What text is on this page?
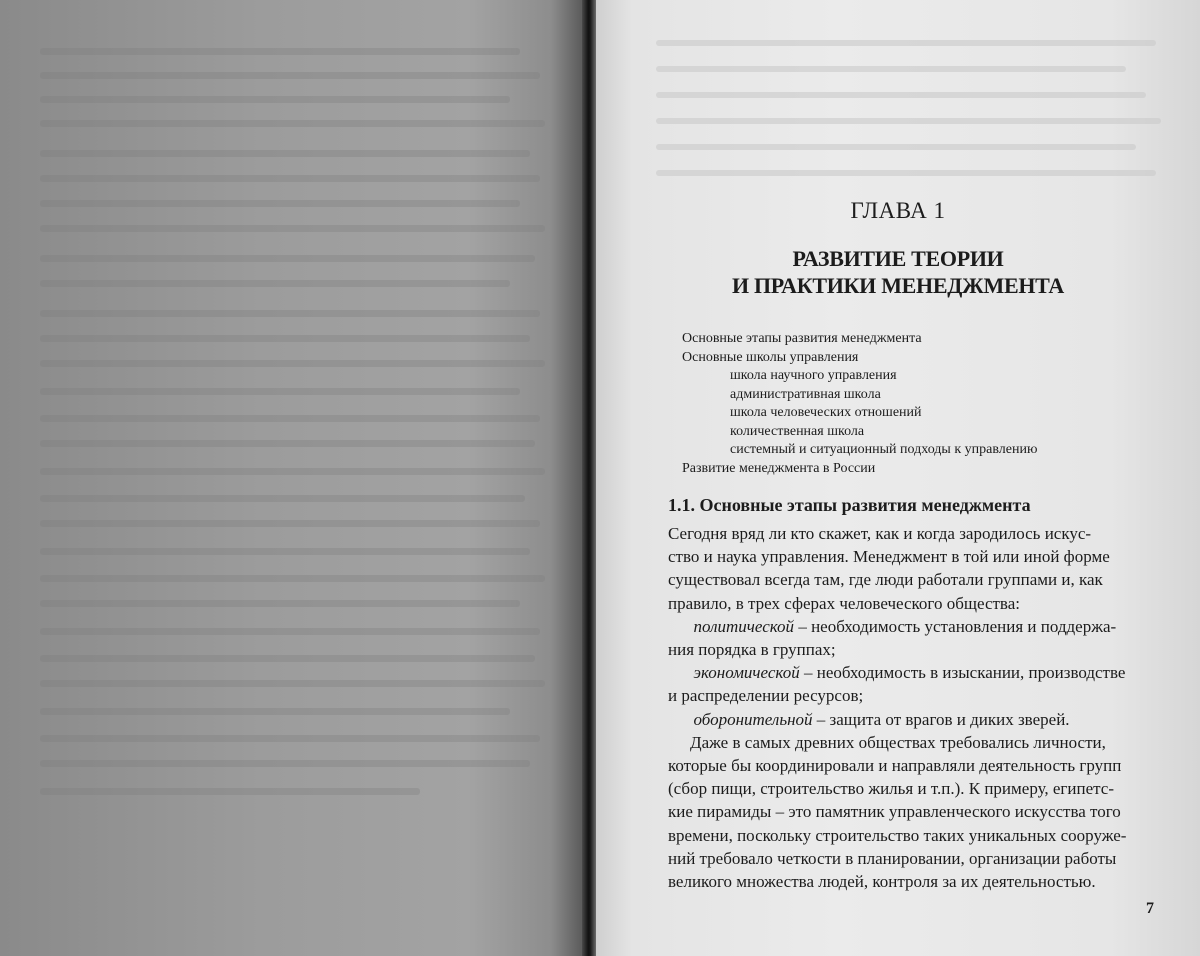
ГЛАВА 1
РАЗВИТИЕ ТЕОРИИ
И ПРАКТИКИ МЕНЕДЖМЕНТА
Основные этапы развития менеджмента
Основные школы управления
школа научного управления
административная школа
школа человеческих отношений
количественная школа
системный и ситуационный подходы к управлению
Развитие менеджмента в России
1.1. Основные этапы развития менеджмента
Сегодня вряд ли кто скажет, как и когда зародилось искус-
ство и наука управления. Менеджмент в той или иной форме
существовал всегда там, где люди работали группами и, как
правило, в трех сферах человеческого общества:
  политической – необходимость установления и поддержа-
ния порядка в группах;
  экономической – необходимость в изыскании, производстве
и распределении ресурсов;
  оборонительной – защита от врагов и диких зверей.
Даже в самых древних обществах требовались личности,
которые бы координировали и направляли деятельность групп
(сбор пищи, строительство жилья и т.п.). К примеру, египетс-
кие пирамиды – это памятник управленческого искусства того
времени, поскольку строительство таких уникальных сооруже-
ний требовало четкости в планировании, организации работы
великого множества людей, контроля за их деятельностью.
7
